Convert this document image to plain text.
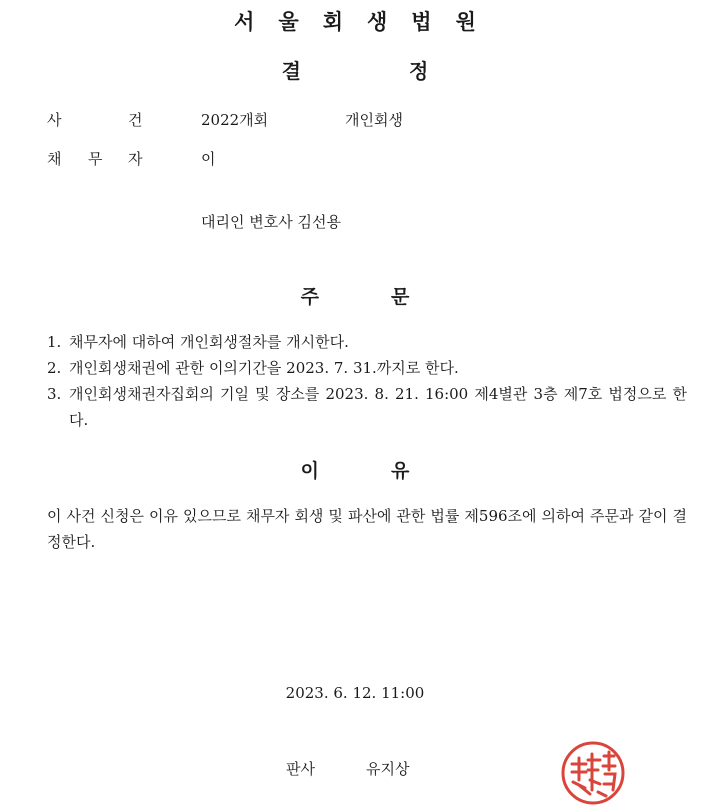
서 울 회 생 법 원
결	정
사	건	2022개회	개인회생
채 무 자	이
대리인 변호사 김선용
주	문
1. 채무자에 대하여 개인회생절차를 개시한다.
2. 개인회생채권에 관한 이의기간을 2023. 7. 31.까지로 한다.
3. 개인회생채권자집회의 기일 및 장소를 2023. 8. 21. 16:00 제4별관 3층 제7호 법정으로 한다.
이	유

이 사건 신청은 이유 있으므로 채무자 회생 및 파산에 관한 법률 제596조에 의하여 주문과 같이 결정한다.

2023. 6. 12. 11:00
판사	유지상
